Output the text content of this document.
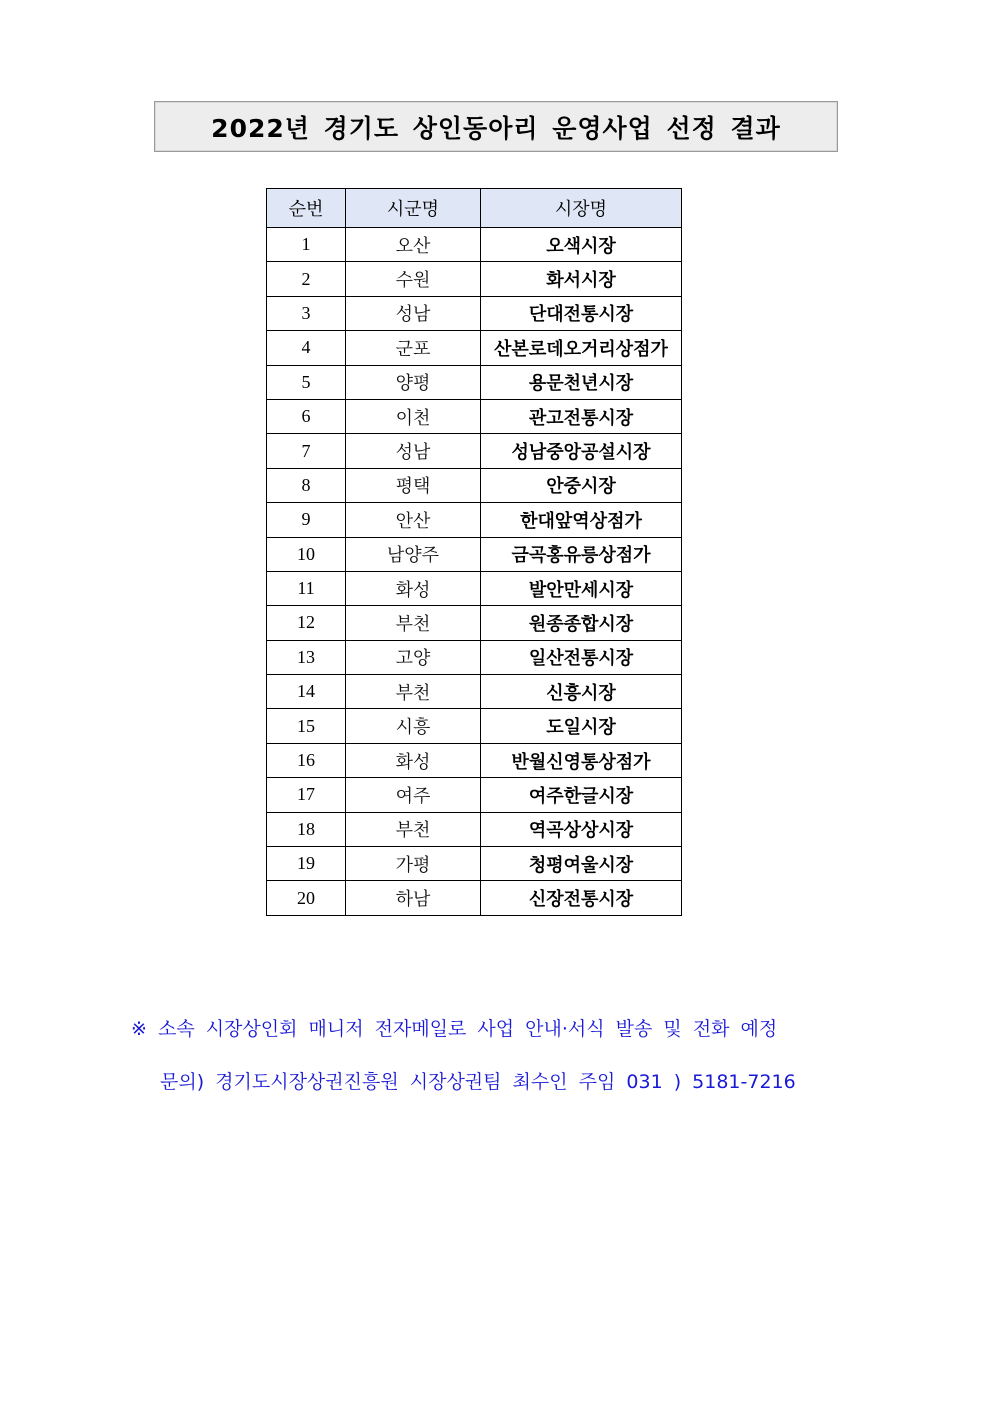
2022년 경기도 상인동아리 운영사업 선정 결과
순번	시군명	시장명
1	오산	오색시장
2	수원	화서시장
3	성남	단대전통시장
4	군포	산본로데오거리상점가
5	양평	용문천년시장
6	이천	관고전통시장
7	성남	성남중앙공설시장
8	평택	안중시장
9	안산	한대앞역상점가
10	남양주	금곡홍유릉상점가
11	화성	발안만세시장
12	부천	원종종합시장
13	고양	일산전통시장
14	부천	신흥시장
15	시흥	도일시장
16	화성	반월신영통상점가
17	여주	여주한글시장
18	부천	역곡상상시장
19	가평	청평여울시장
20	하남	신장전통시장
※ 소속 시장상인회 매니저 전자메일로 사업 안내·서식 발송 및 전화 예정
문의) 경기도시장상권진흥원 시장상권팀 최수인 주임 031 ) 5181-7216
